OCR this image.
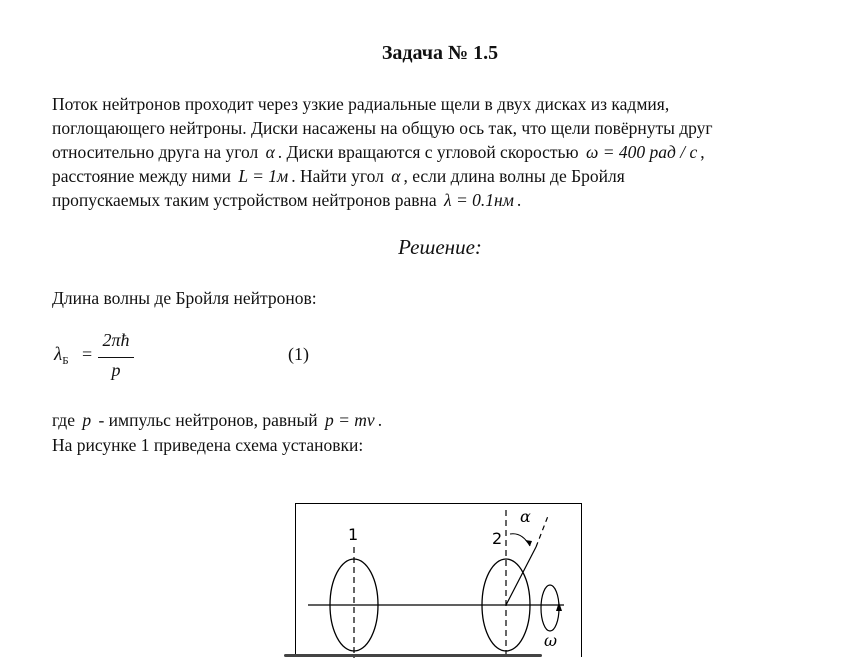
Задача № 1.5
Поток нейтронов проходит через узкие радиальные щели в двух дисках из кадмия,
поглощающего нейтроны. Диски насажены на общую ось так, что щели повёрнуты друг
относительно друга на угол α . Диски вращаются с угловой скоростью ω = 400 рад / с ,
расстояние между ними L = 1м . Найти угол α , если длина волны де Бройля
пропускаемых таким устройством нейтронов равна λ = 0.1нм .
Решение:
Длина волны де Бройля нейтронов:
$\lambda_Б$ =
2πħ
p
(1)
где p - импульс нейтронов, равный p = mv .
На рисунке 1 приведена схема установки:
1	2
α
ω
